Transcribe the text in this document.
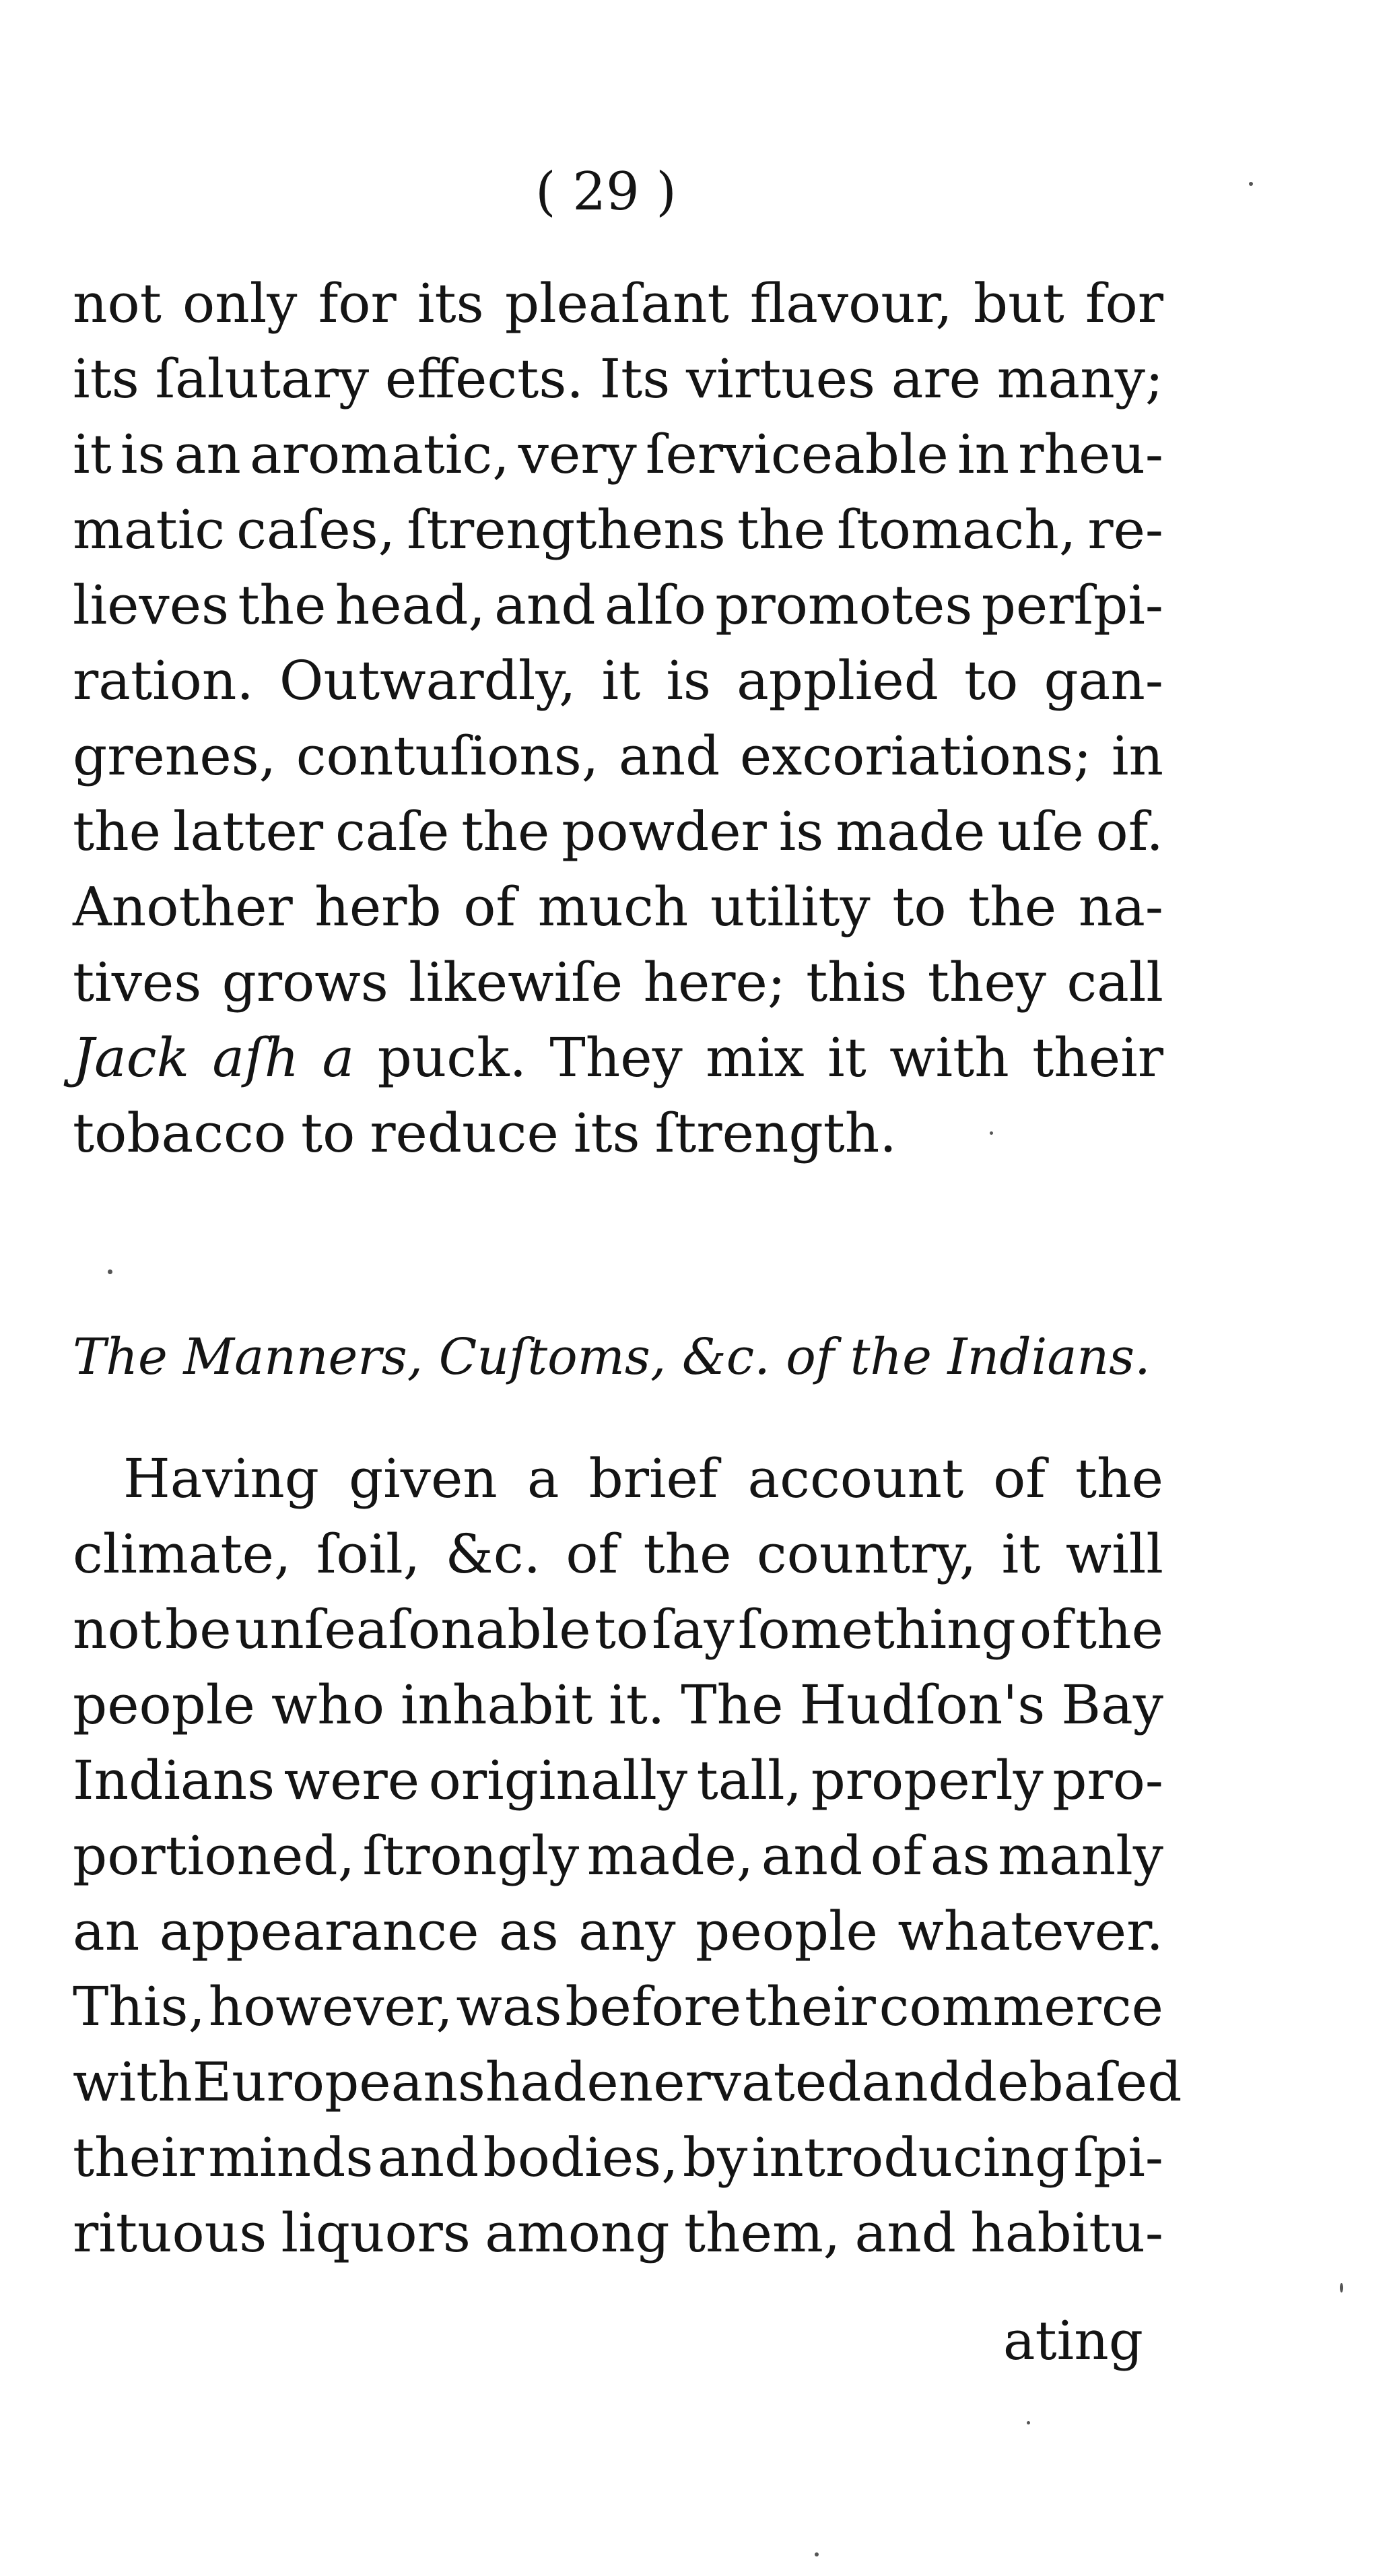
( 29 )
not only for its pleaſant flavour, but for
its ſalutary effects. Its virtues are many;
it is an aromatic, very ſerviceable in rheu-
matic caſes, ſtrengthens the ſtomach, re-
lieves the head, and alſo promotes perſpi-
ration. Outwardly, it is applied to gan-
grenes, contuſions, and excoriations; in
the latter caſe the powder is made uſe of.
Another herb of much utility to the na-
tives grows likewiſe here; this they call
Jack aſh a puck. They mix it with their
tobacco to reduce its ſtrength.
The Manners, Cuſtoms, &c. of the Indians.
Having given a brief account of the
climate, ſoil, &c. of the country, it will
not be unſeaſonable to ſay ſomething of the
people who inhabit it. The Hudſon's Bay
Indians were originally tall, properly pro-
portioned, ſtrongly made, and of as manly
an appearance as any people whatever.
This, however, was before their commerce
with Europeans had enervated and debaſed
their minds and bodies, by introducing ſpi-
rituous liquors among them, and habitu-
ating
